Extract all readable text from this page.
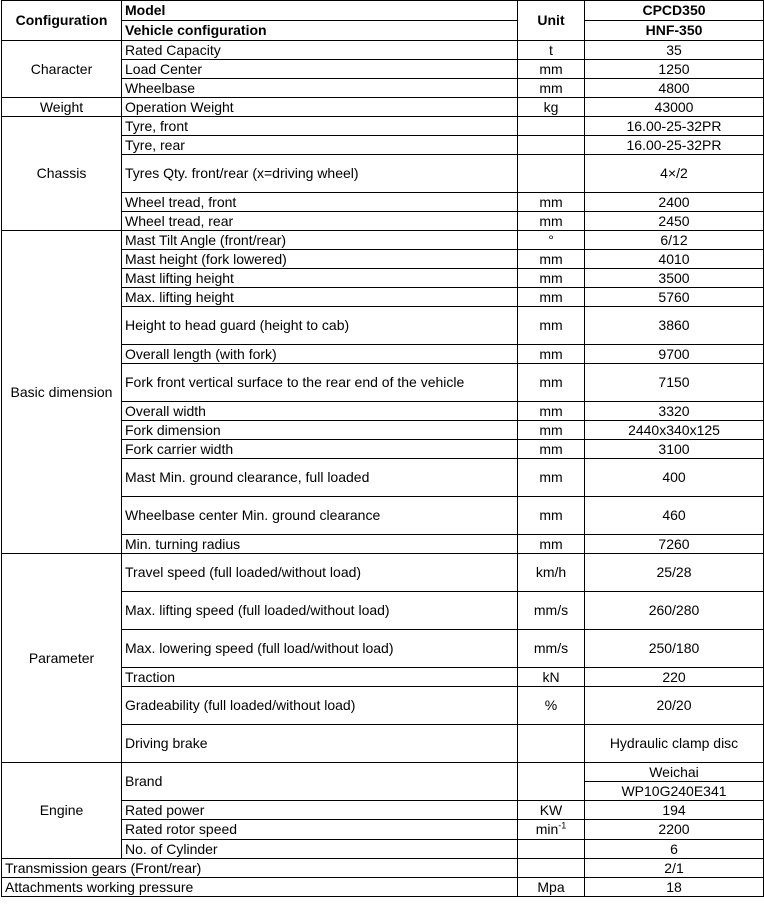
Configuration	Model	Unit	CPCD350
	Vehicle configuration		HNF-350
Character	Rated Capacity	t	35
	Load Center	mm	1250
	Wheelbase	mm	4800
Weight	Operation Weight	kg	43000
Chassis	Tyre, front		16.00-25-32PR
	Tyre, rear		16.00-25-32PR
	Tyres Qty. front/rear (x=driving wheel)		4×/2
	Wheel tread, front	mm	2400
	Wheel tread, rear	mm	2450
Basic dimension	Mast Tilt Angle (front/rear)	°	6/12
	Mast height (fork lowered)	mm	4010
	Mast lifting height	mm	3500
	Max. lifting height	mm	5760
	Height to head guard (height to cab)	mm	3860
	Overall length (with fork)	mm	9700
	Fork front vertical surface to the rear end of the vehicle	mm	7150
	Overall width	mm	3320
	Fork dimension	mm	2440x340x125
	Fork carrier width	mm	3100
	Mast Min. ground clearance, full loaded	mm	400
	Wheelbase center Min. ground clearance	mm	460
	Min. turning radius	mm	7260
Parameter	Travel speed (full loaded/without load)	km/h	25/28
	Max. lifting speed (full loaded/without load)	mm/s	260/280
	Max. lowering speed (full load/without load)	mm/s	250/180
	Traction	kN	220
	Gradeability (full loaded/without load)	%	20/20
	Driving brake		Hydraulic clamp disc
Engine	Brand		Weichai
			WP10G240E341
	Rated power	KW	194
	Rated rotor speed	$\min^{-1}$	2200

	No. of Cylinder		6
Transmission gears (Front/rear)			2/1
Attachments working pressure		Mpa	18
